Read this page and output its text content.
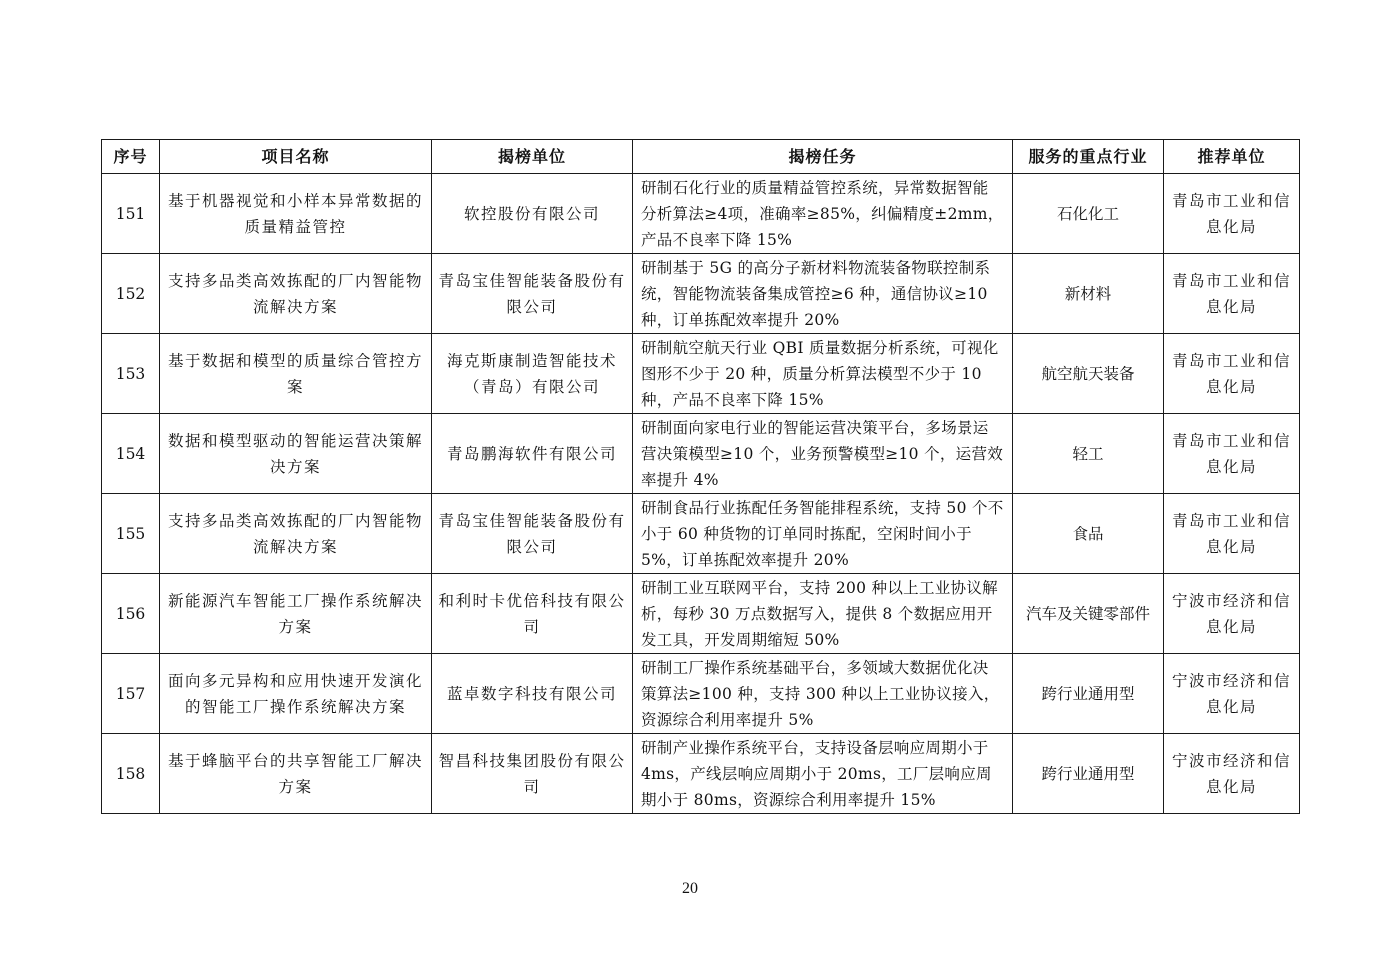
序号	项目名称	揭榜单位	揭榜任务	服务的重点行业	推荐单位
151	基于机器视觉和小样本异常数据的质量精益管控	软控股份有限公司	研制石化行业的质量精益管控系统，异常数据智能分析算法≥4项，准确率≥85%，纠偏精度±2mm，产品不良率下降 15%	石化化工	青岛市工业和信息化局
152	支持多品类高效拣配的厂内智能物流解决方案	青岛宝佳智能装备股份有限公司	研制基于 5G 的高分子新材料物流装备物联控制系统，智能物流装备集成管控≥6 种，通信协议≥10 种，订单拣配效率提升 20%	新材料	青岛市工业和信息化局
153	基于数据和模型的质量综合管控方案	海克斯康制造智能技术（青岛）有限公司	研制航空航天行业 QBI 质量数据分析系统，可视化图形不少于 20 种，质量分析算法模型不少于 10 种，产品不良率下降 15%	航空航天装备	青岛市工业和信息化局
154	数据和模型驱动的智能运营决策解决方案	青岛鹏海软件有限公司	研制面向家电行业的智能运营决策平台，多场景运营决策模型≥10 个，业务预警模型≥10 个，运营效率提升 4%	轻工	青岛市工业和信息化局
155	支持多品类高效拣配的厂内智能物流解决方案	青岛宝佳智能装备股份有限公司	研制食品行业拣配任务智能排程系统，支持 50 个不小于 60 种货物的订单同时拣配，空闲时间小于 5%，订单拣配效率提升 20%	食品	青岛市工业和信息化局
156	新能源汽车智能工厂操作系统解决方案	和利时卡优倍科技有限公司	研制工业互联网平台，支持 200 种以上工业协议解析，每秒 30 万点数据写入，提供 8 个数据应用开发工具，开发周期缩短 50%	汽车及关键零部件	宁波市经济和信息化局
157	面向多元异构和应用快速开发演化的智能工厂操作系统解决方案	蓝卓数字科技有限公司	研制工厂操作系统基础平台，多领域大数据优化决策算法≥100 种，支持 300 种以上工业协议接入，资源综合利用率提升 5%	跨行业通用型	宁波市经济和信息化局
158	基于蜂脑平台的共享智能工厂解决方案	智昌科技集团股份有限公司	研制产业操作系统平台，支持设备层响应周期小于 4ms，产线层响应周期小于 20ms，工厂层响应周期小于 80ms，资源综合利用率提升 15%	跨行业通用型	宁波市经济和信息化局
20
